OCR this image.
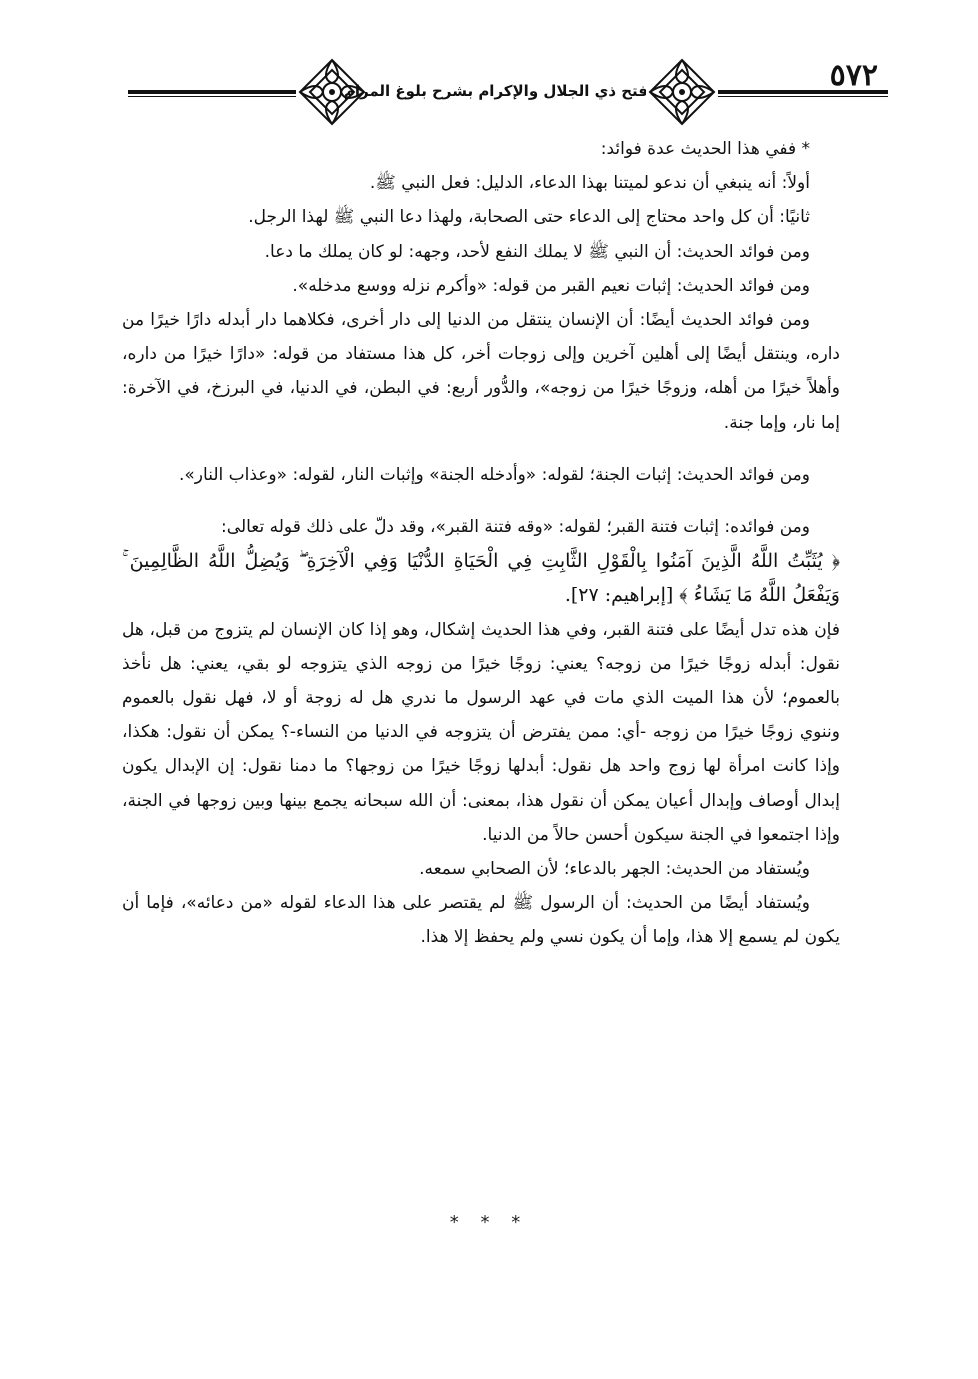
فتح ذي الجلال والإكرام بشرح بلوغ المرام	٥٧٢

* ففي هذا الحديث عدة فوائد:

أولاً: أنه ينبغي أن ندعو لميتنا بهذا الدعاء، الدليل: فعل النبي ﷺ.

ثانيًا: أن كل واحد محتاج إلى الدعاء حتى الصحابة، ولهذا دعا النبي ﷺ لهذا الرجل.

ومن فوائد الحديث: أن النبي ﷺ لا يملك النفع لأحد، وجهه: لو كان يملك ما دعا.

ومن فوائد الحديث: إثبات نعيم القبر من قوله: «وأكرم نزله ووسع مدخله».

ومن فوائد الحديث أيضًا: أن الإنسان ينتقل من الدنيا إلى دار أخرى، فكلاهما دار أبدله دارًا خيرًا من داره، وينتقل أيضًا إلى أهلين آخرين وإلى زوجات أخر، كل هذا مستفاد من قوله: «دارًا خيرًا من داره، وأهلاً خيرًا من أهله، وزوجًا خيرًا من زوجه»، والدُّور أربع: في البطن، في الدنيا، في البرزخ، في الآخرة: إما نار، وإما جنة.

ومن فوائد الحديث: إثبات الجنة؛ لقوله: «وأدخله الجنة» وإثبات النار، لقوله: «وعذاب النار».

ومن فوائده: إثبات فتنة القبر؛ لقوله: «وقه فتنة القبر»، وقد دلّ على ذلك قوله تعالى:

﴿ يُثَبِّتُ اللَّهُ الَّذِينَ آمَنُوا بِالْقَوْلِ الثَّابِتِ فِي الْحَيَاةِ الدُّنْيَا وَفِي الْآخِرَةِ ۖ وَيُضِلُّ اللَّهُ الظَّالِمِينَ ۚ وَيَفْعَلُ اللَّهُ مَا يَشَاءُ ﴾ [إبراهيم: ٢٧].

فإن هذه تدل أيضًا على فتنة القبر، وفي هذا الحديث إشكال، وهو إذا كان الإنسان لم يتزوج من قبل، هل نقول: أبدله زوجًا خيرًا من زوجه؟ يعني: زوجًا خيرًا من زوجه الذي يتزوجه لو بقي، يعني: هل نأخذ بالعموم؛ لأن هذا الميت الذي مات في عهد الرسول ما ندري هل له زوجة أو لا، فهل نقول بالعموم وننوي زوجًا خيرًا من زوجه -أي: ممن يفترض أن يتزوجه في الدنيا من النساء-؟ يمكن أن نقول: هكذا، وإذا كانت امرأة لها زوج واحد هل نقول: أبدلها زوجًا خيرًا من زوجها؟ ما دمنا نقول: إن الإبدال يكون إبدال أوصاف وإبدال أعيان يمكن أن نقول هذا، بمعنى: أن الله سبحانه يجمع بينها وبين زوجها في الجنة، وإذا اجتمعوا في الجنة سيكون أحسن حالاً من الدنيا.

ويُستفاد من الحديث: الجهر بالدعاء؛ لأن الصحابي سمعه.

ويُستفاد أيضًا من الحديث: أن الرسول ﷺ لم يقتصر على هذا الدعاء لقوله «من دعائه»، فإما أن يكون لم يسمع إلا هذا، وإما أن يكون نسي ولم يحفظ إلا هذا.

* * *
